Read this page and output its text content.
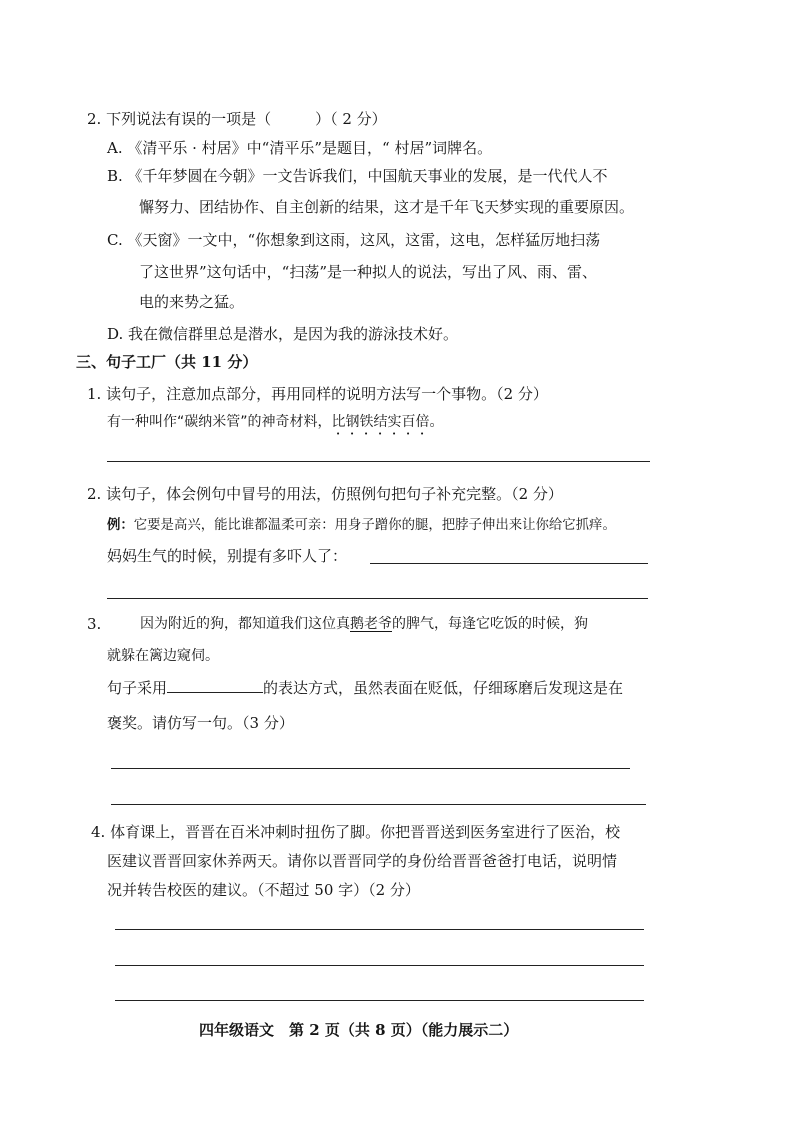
2. 下列说法有误的一项是（	）（ 2 分）
A. 《清平乐 · 村居》中“清平乐”是题目，“ 村居”词牌名。
B. 《千年梦圆在今朝》一文告诉我们，中国航天事业的发展，是一代代人不
懈努力、团结协作、自主创新的结果，这才是千年飞天梦实现的重要原因。
C. 《天窗》一文中，“你想象到这雨，这风，这雷，这电，怎样猛厉地扫荡
了这世界”这句话中，“扫荡”是一种拟人的说法，写出了风、雨、雷、
电的来势之猛。
D. 我在微信群里总是潜水，是因为我的游泳技术好。
三、句子工厂（共 11 分）
1. 读句子，注意加点部分，再用同样的说明方法写一个事物。（2 分）
有一种叫作“碳纳米管”的神奇材料，比钢铁结实百倍。
2. 读句子，体会例句中冒号的用法，仿照例句把句子补充完整。（2 分）
例：它要是高兴，能比谁都温柔可亲：用身子蹭你的腿，把脖子伸出来让你给它抓痒。
妈妈生气的时候，别提有多吓人了：
3.	因为附近的狗，都知道我们这位真鹅老爷的脾气，每逢它吃饭的时候，狗
就躲在篱边窥伺。
句子采用	的表达方式，虽然表面在贬低，仔细琢磨后发现这是在
褒奖。请仿写一句。（3 分）
4. 体育课上，晋晋在百米冲刺时扭伤了脚。你把晋晋送到医务室进行了医治，校
医建议晋晋回家休养两天。请你以晋晋同学的身份给晋晋爸爸打电话，说明情
况并转告校医的建议。（不超过 50 字）（2 分）
四年级语文　第 2 页（共 8 页）（能力展示二）
